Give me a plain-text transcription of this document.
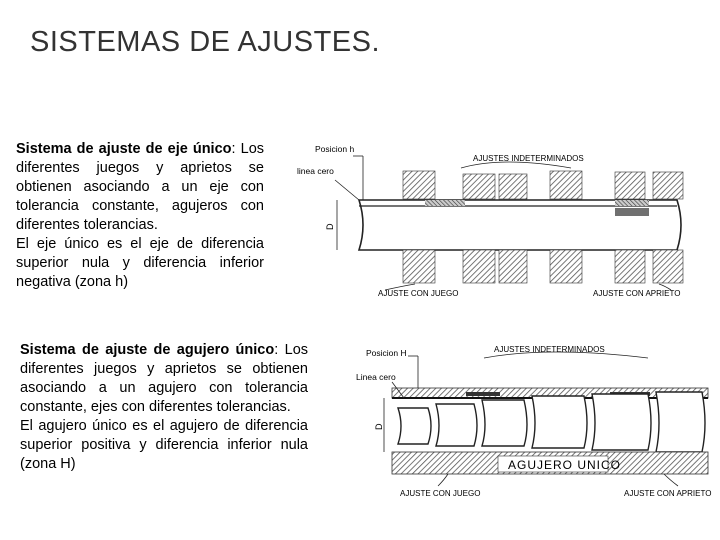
SISTEMAS DE AJUSTES.

Sistema de ajuste de eje único: Los diferentes juegos y aprietos se obtienen asociando a un eje con tolerancia constante, agujeros con diferentes tolerancias.

El eje único es el eje de diferencia superior nula y diferencia inferior negativa (zona h)

Sistema de ajuste de agujero único: Los diferentes juegos y aprietos se obtienen asociando a un agujero con tolerancia constante, ejes con diferentes tolerancias.

El agujero único es el agujero de diferencia superior positiva y diferencia inferior nula (zona H)

Posicion h
linea cero
AJUSTES INDETERMINADOS
D
AJUSTE CON JUEGO	AJUSTE CON APRIETO
Posicion H
Linea cero
AJUSTES INDETERMINADOS
D
AGUJERO UNICO
AJUSTE CON JUEGO	AJUSTE CON APRIETO
